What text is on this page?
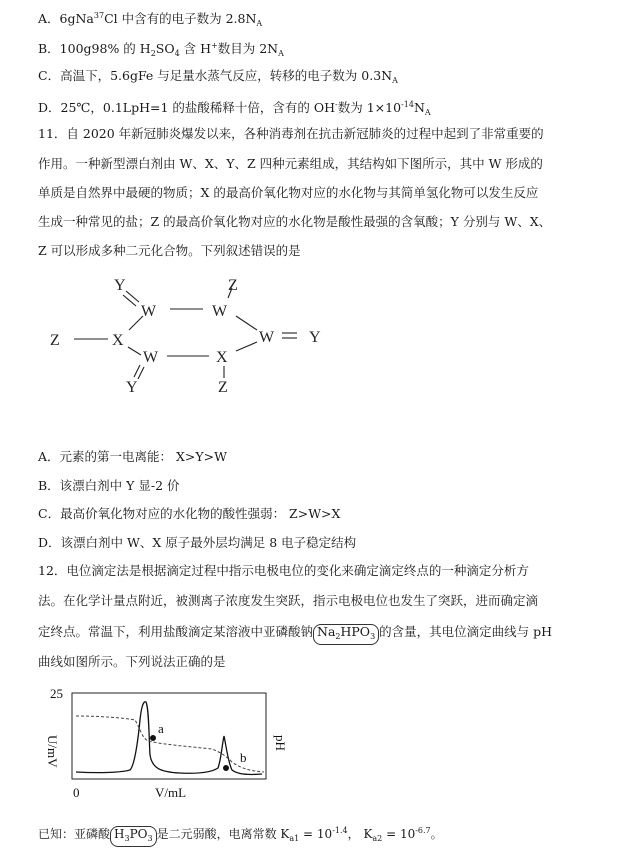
A．6gNa$^{37}$Cl 中含有的电子数为 $2.8N_A$
B．100g98% 的 $H_2SO_4$ 含 H+数目为 $2N_A$
C．高温下，5.6gFe 与足量水蒸气反应，转移的电子数为 $0.3N_A$
D．25℃，0.1LpH=1 的盐酸稀释十倍，含有的 OH-数为 $1\times 10^{-14}N_A$
11．自 2020 年新冠肺炎爆发以来，各种消毒剂在抗击新冠肺炎的过程中起到了非常重要的
作用。一种新型漂白剂由 W、X、Y、Z 四种元素组成，其结构如下图所示，其中 W 形成的
单质是自然界中最硬的物质；X 的最高价氧化物对应的水化物与其简单氢化物可以发生反应
生成一种常见的盐；Z 的最高价氧化物对应的水化物是酸性最强的含氧酸；Y 分别与 W、X、
Z 可以形成多种二元化合物。下列叙述错误的是
Y
W	W
Z
Z	X	W Y
W	X
Y	Z
A．元素的第一电离能： X>Y>W
B．该漂白剂中 Y 显-2 价
C．最高价氧化物对应的水化物的酸性强弱： Z>W>X
D．该漂白剂中 W、X 原子最外层均满足 8 电子稳定结构
12．电位滴定法是根据滴定过程中指示电极电位的变化来确定滴定终点的一种滴定分析方
法。在化学计量点附近，被测离子浓度发生突跃，指示电极电位也发生了突跃，进而确定滴
定终点。常温下，利用盐酸滴定某溶液中亚磷酸钠 $Na_2HPO_3$ 的含量，其电位滴定曲线与 pH
曲线如图所示。下列说法正确的是
a
b
25
0	V/mL
U/mV	pH
已知：亚磷酸 $H_3PO_3$ 是二元弱酸，电离常数 $K_{a1} = 10^{-1.4}$， $K_{a2} = 10^{-6.7}$。
